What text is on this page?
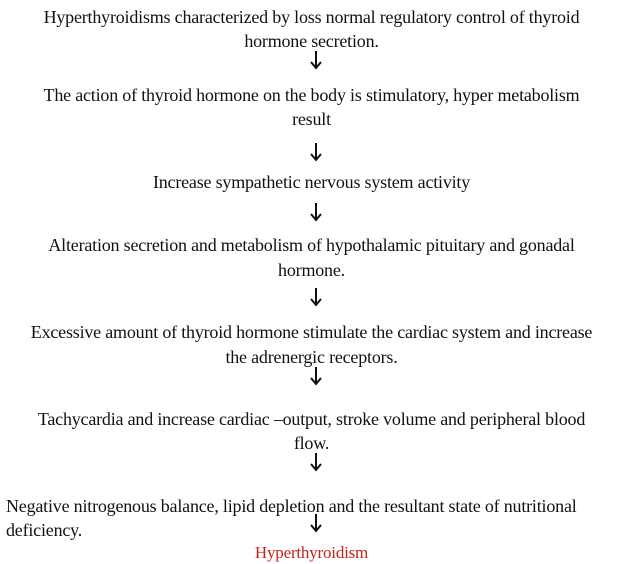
Hyperthyroidisms characterized by loss normal regulatory control of thyroid
hormone secretion.
The action of thyroid hormone on the body is stimulatory, hyper metabolism
result
Increase sympathetic nervous system activity
Alteration secretion and metabolism of hypothalamic pituitary and gonadal
hormone.
Excessive amount of thyroid hormone stimulate the cardiac system and increase
the adrenergic receptors.
Tachycardia and increase cardiac –output, stroke volume and peripheral blood
flow.
Negative nitrogenous balance, lipid depletion and the resultant state of nutritional
deficiency.
Hyperthyroidism
